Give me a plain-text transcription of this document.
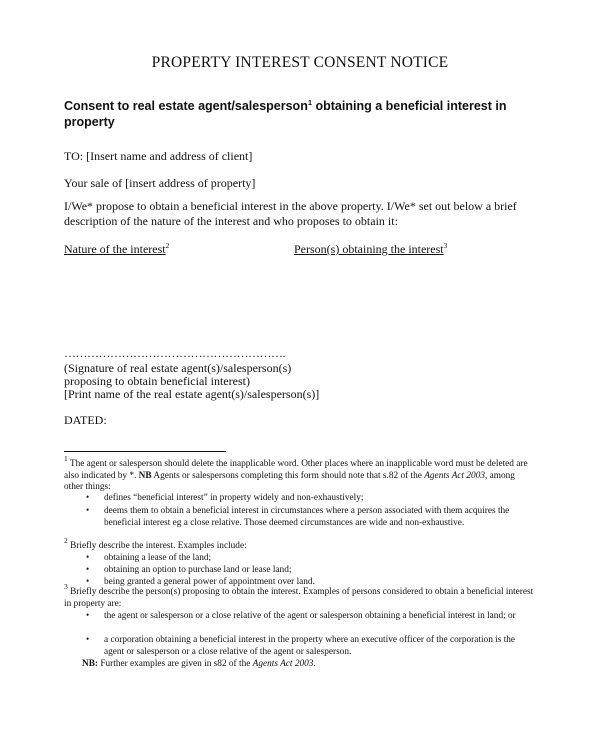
PROPERTY INTEREST CONSENT NOTICE
Consent to real estate agent/salesperson$^1$ obtaining a beneficial interest in property
TO: [Insert name and address of client]
Your sale of [insert address of property]
I/We* propose to obtain a beneficial interest in the above property. I/We* set out below a brief description of the nature of the interest and who proposes to obtain it:
Nature of the interest$^2$	Person(s) obtaining the interest$^3$
………………………………………………….
(Signature of real estate agent(s)/salesperson(s)
proposing to obtain beneficial interest)
[Print name of the real estate agent(s)/salesperson(s)]
DATED:
$^1$ The agent or salesperson should delete the inapplicable word. Other places where an inapplicable word must be deleted are also indicated by *. NB Agents or salespersons completing this form should note that s.82 of the Agents Act 2003, among other things:
• defines “beneficial interest” in property widely and non-exhaustively;
• deems them to obtain a beneficial interest in circumstances where a person associated with them acquires the beneficial interest eg a close relative. Those deemed circumstances are wide and non-exhaustive.
$^2$ Briefly describe the interest. Examples include:
• obtaining a lease of the land;
• obtaining an option to purchase land or lease land;
• being granted a general power of appointment over land.
$^3$ Briefly describe the person(s) proposing to obtain the interest. Examples of persons considered to obtain a beneficial interest in property are:
• the agent or salesperson or a close relative of the agent or salesperson obtaining a beneficial interest in land; or
• a corporation obtaining a beneficial interest in the property where an executive officer of the corporation is the agent or salesperson or a close relative of the agent or salesperson.
NB: Further examples are given in s82 of the Agents Act 2003.
